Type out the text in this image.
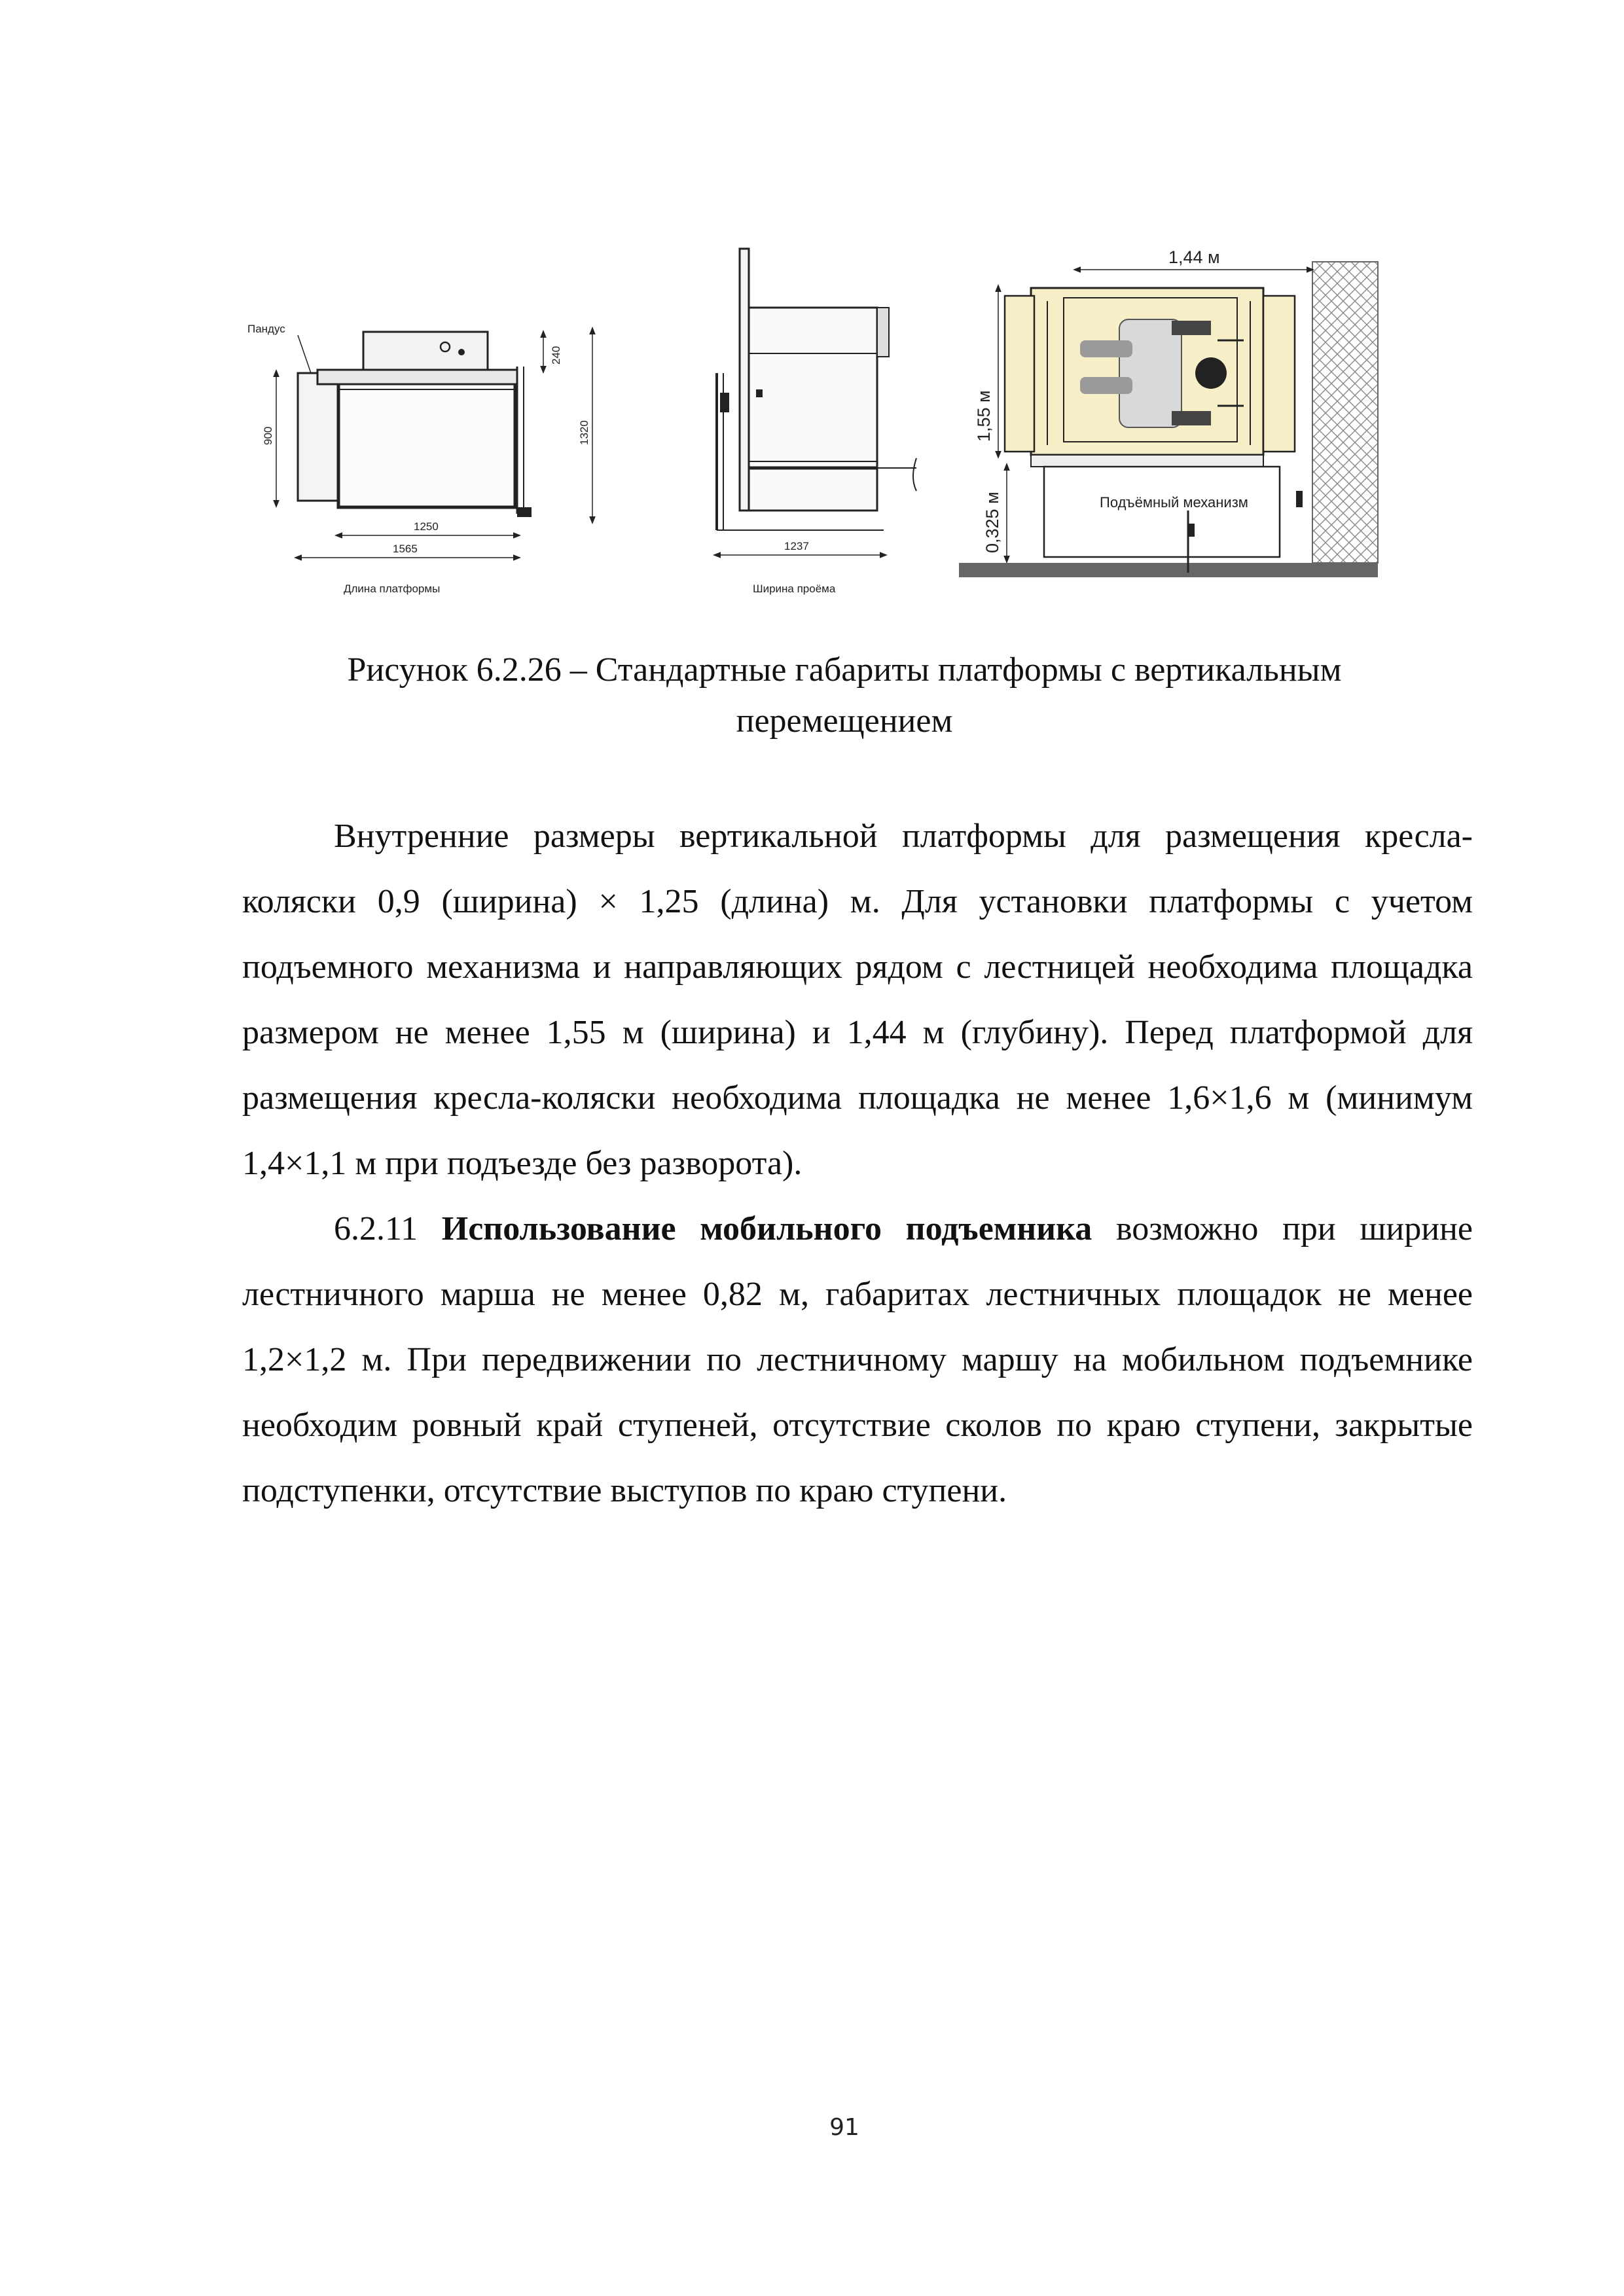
Пандус
900
240
1320
1250
1565
Длина платформы
1237
Ширина проёма
Подъёмный механизм
1,44 м
1,55 м
0,325 м
Рисунок 6.2.26 – Стандартные габариты платформы с вертикальным
перемещением

Внутренние размеры вертикальной платформы для размещения кресла-коляски 0,9 (ширина) × 1,25 (длина) м. Для установки платформы с учетом подъемного механизма и направляющих рядом с лестницей необходима площадка размером не менее 1,55 м (ширина) и 1,44 м (глубину). Перед платформой для размещения кресла-коляски необходима площадка не менее 1,6×1,6 м (минимум 1,4×1,1 м при подъезде без разворота).

6.2.11 Использование мобильного подъемника возможно при ширине лестничного марша не менее 0,82 м, габаритах лестничных площадок не менее 1,2×1,2 м. При передвижении по лестничному маршу на мобильном подъемнике необходим ровный край ступеней, отсутствие сколов по краю ступени, закрытые подступенки, отсутствие выступов по краю ступени.

91
